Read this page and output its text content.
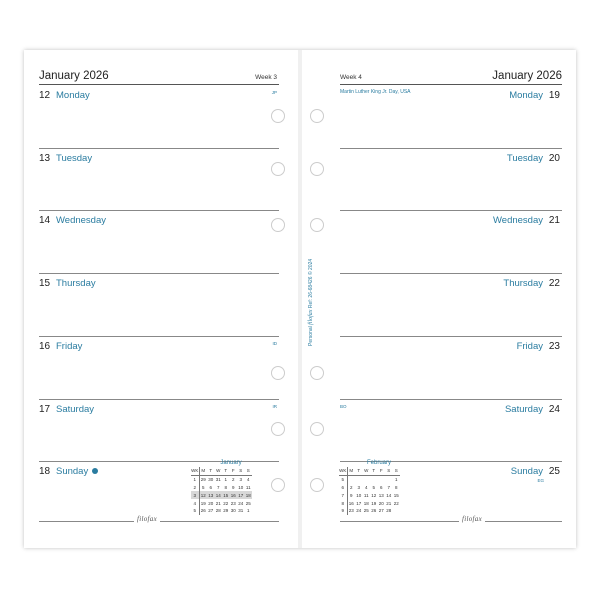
January 2026	Week 3
12 Monday	JP
13 Tuesday
14 Wednesday
15 Thursday
16 Friday	ID
17 Saturday	IR
18 Sunday
January
WK	M	T	W	T	F	S	S
1	29	30	31	1	2	3	4
2	5	6	7	8	9	10	11
3	12	13	14	15	16	17	18
4	19	20	21	22	23	24	25
5	26	27	28	29	30	31	1
filofax
Week 4	January 2026
Martin Luther King Jr. Day, USA	19
Monday
20
Tuesday
21
Wednesday
22
Thursday
23
Friday
BO	24
Saturday
25
Sunday
EG
filofax
Personal filofax Ref: 26-68426 © 2024
February
WK	M	T	W	T	F	S	S
5							1
6	2	3	4	5	6	7	8
7	9	10	11	12	13	14	15
8	16	17	18	19	20	21	22
9	23	24	25	26	27	28	
